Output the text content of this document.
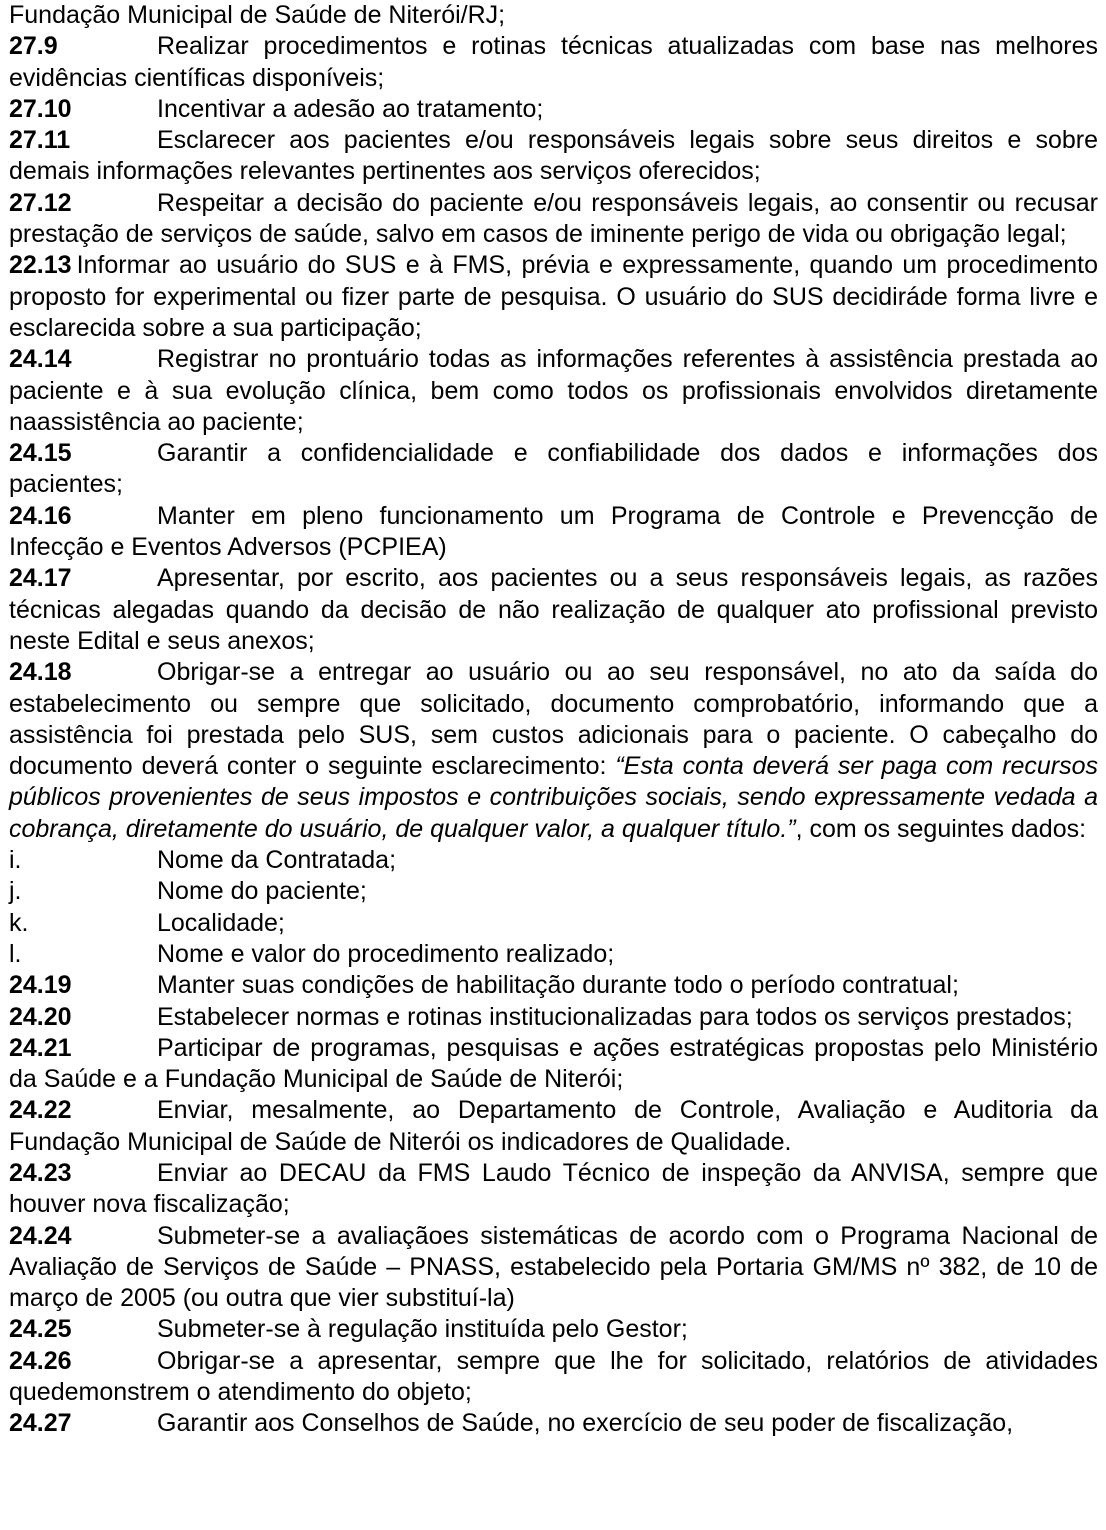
Fundação Municipal de Saúde de Niterói/RJ;

27.9	Realizar procedimentos e rotinas técnicas atualizadas com base nas melhores evidências científicas disponíveis;

27.10	Incentivar a adesão ao tratamento;

27.11	Esclarecer aos pacientes e/ou responsáveis legais sobre seus direitos e sobre demais informações relevantes pertinentes aos serviços oferecidos;

27.12	Respeitar a decisão do paciente e/ou responsáveis legais, ao consentir ou recusar prestação de serviços de saúde, salvo em casos de iminente perigo de vida ou obrigação legal;

22.13 Informar ao usuário do SUS e à FMS, prévia e expressamente, quando um procedimento proposto for experimental ou fizer parte de pesquisa. O usuário do SUS decidiráde forma livre e esclarecida sobre a sua participação;

24.14	Registrar no prontuário todas as informações referentes à assistência prestada ao paciente e à sua evolução clínica, bem como todos os profissionais envolvidos diretamente naassistência ao paciente;

24.15	Garantir a confidencialidade e confiabilidade dos dados e informações dos pacientes;

24.16	Manter em pleno funcionamento um Programa de Controle e Prevencção de Infecção e Eventos Adversos (PCPIEA)

24.17	Apresentar, por escrito, aos pacientes ou a seus responsáveis legais, as razões técnicas alegadas quando da decisão de não realização de qualquer ato profissional previsto neste Edital e seus anexos;

24.18	Obrigar-se a entregar ao usuário ou ao seu responsável, no ato da saída do estabelecimento ou sempre que solicitado, documento comprobatório, informando que a assistência foi prestada pelo SUS, sem custos adicionais para o paciente. O cabeçalho do documento deverá conter o seguinte esclarecimento: “Esta conta deverá ser paga com recursos públicos provenientes de seus impostos e contribuições sociais, sendo expressamente vedada a cobrança, diretamente do usuário, de qualquer valor, a qualquer título.”, com os seguintes dados:

i.	Nome da Contratada;

j.	Nome do paciente;

k.	Localidade;

l.	Nome e valor do procedimento realizado;

24.19	Manter suas condições de habilitação durante todo o período contratual;

24.20	Estabelecer normas e rotinas institucionalizadas para todos os serviços prestados;

24.21	Participar de programas, pesquisas e ações estratégicas propostas pelo Ministério da Saúde e a Fundação Municipal de Saúde de Niterói;

24.22	Enviar, mesalmente, ao Departamento de Controle, Avaliação e Auditoria da Fundação Municipal de Saúde de Niterói os indicadores de Qualidade.

24.23	Enviar ao DECAU da FMS Laudo Técnico de inspeção da ANVISA, sempre que houver nova fiscalização;

24.24	Submeter-se a avaliaçãoes sistemáticas de acordo com o Programa Nacional de Avaliação de Serviços de Saúde – PNASS, estabelecido pela Portaria GM/MS nº 382, de 10 de março de 2005 (ou outra que vier substituí-la)

24.25	Submeter-se à regulação instituída pelo Gestor;

24.26	Obrigar-se a apresentar, sempre que lhe for solicitado, relatórios de atividades quedemonstrem o atendimento do objeto;

24.27	Garantir aos Conselhos de Saúde, no exercício de seu poder de fiscalização,
